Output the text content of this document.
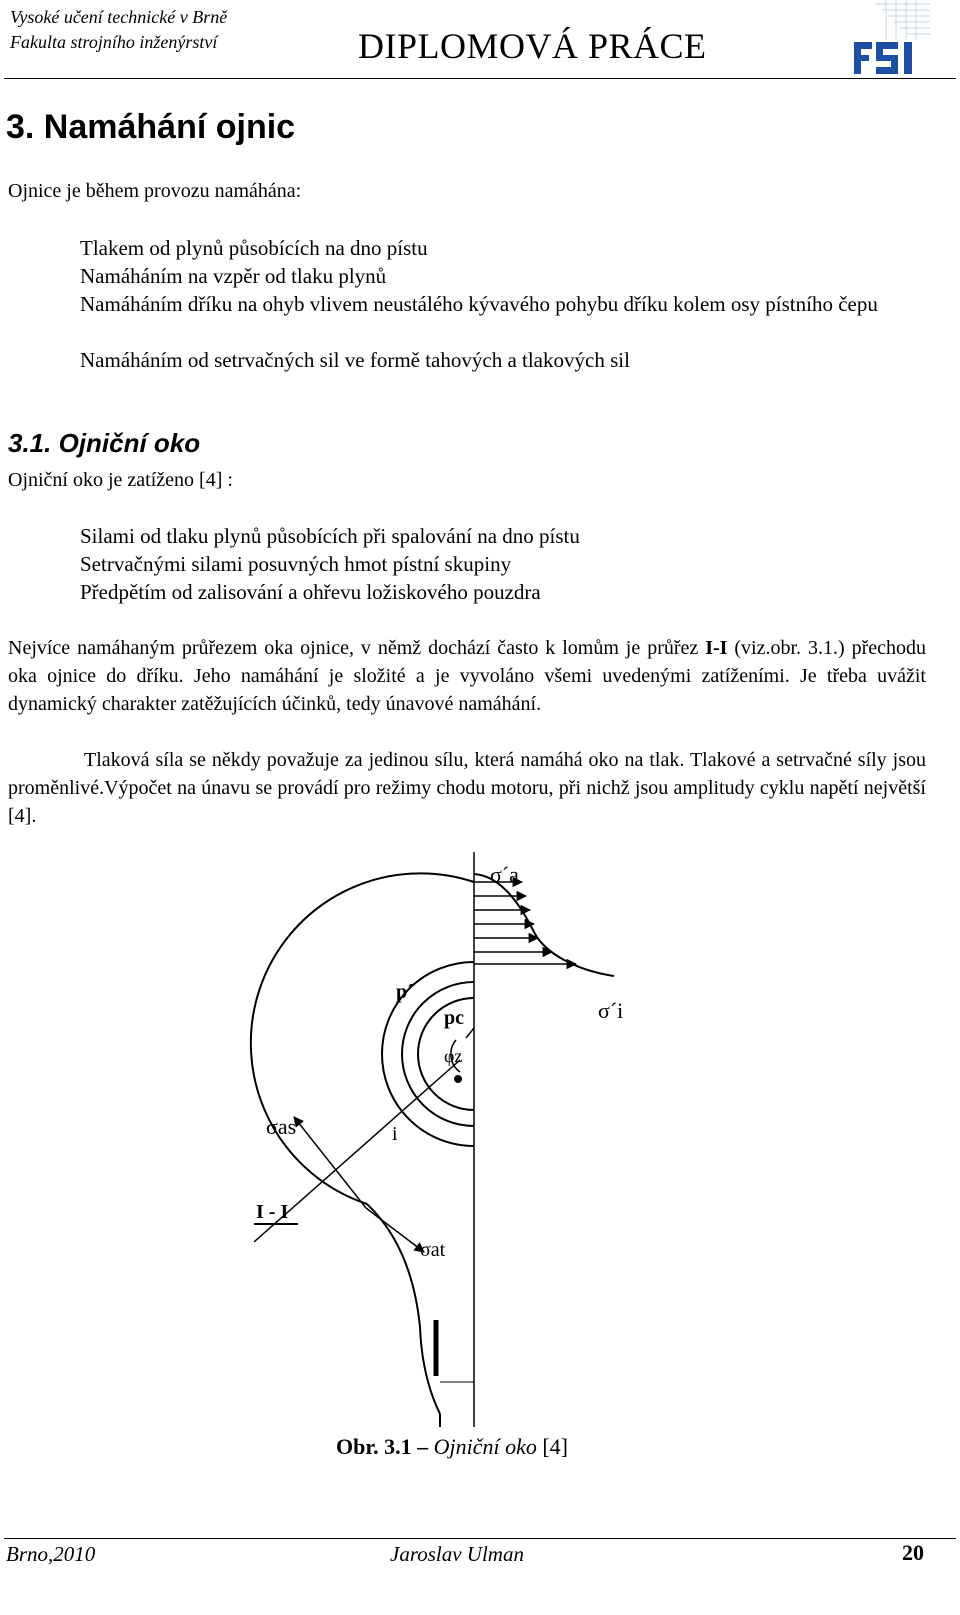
Vysoké učení technické v Brně
Fakulta strojního inženýrství	DIPLOMOVÁ PRÁCE
3. Namáhání ojnic
Ojnice je během provozu namáhána:
Tlakem od plynů působících na dno pístu
Namáháním na vzpěr od tlaku plynů
Namáháním dříku na ohyb vlivem neustálého kývavého pohybu dříku kolem osy pístního čepu
Namáháním od setrvačných sil ve formě tahových a tlakových sil
3.1. Ojniční oko
Ojniční oko je zatíženo [4] :
Silami od tlaku plynů působících při spalování na dno pístu
Setrvačnými silami posuvných hmot pístní skupiny
Předpětím od zalisování a ohřevu ložiskového pouzdra
Nejvíce namáhaným průřezem oka ojnice, v němž dochází často k lomům je průřez I-I (viz.obr. 3.1.) přechodu oka ojnice do dříku. Jeho namáhání je složité a je vyvoláno všemi uvedenými zatíženími. Je třeba uvážit dynamický charakter zatěžujících účinků, tedy únavové namáhání.
Tlaková síla se někdy považuje za jedinou sílu, která namáhá oko na tlak. Tlakové a setrvačné síly jsou proměnlivé.Výpočet na únavu se provádí pro režimy chodu motoru, při nichž jsou amplitudy cyklu napětí největší [4].
σ´a
p´
pc	σ´i
φz
σas	i
I - I
σat
Obr. 3.1 – Ojniční oko [4]
Brno,2010	Jaroslav Ulman	20
